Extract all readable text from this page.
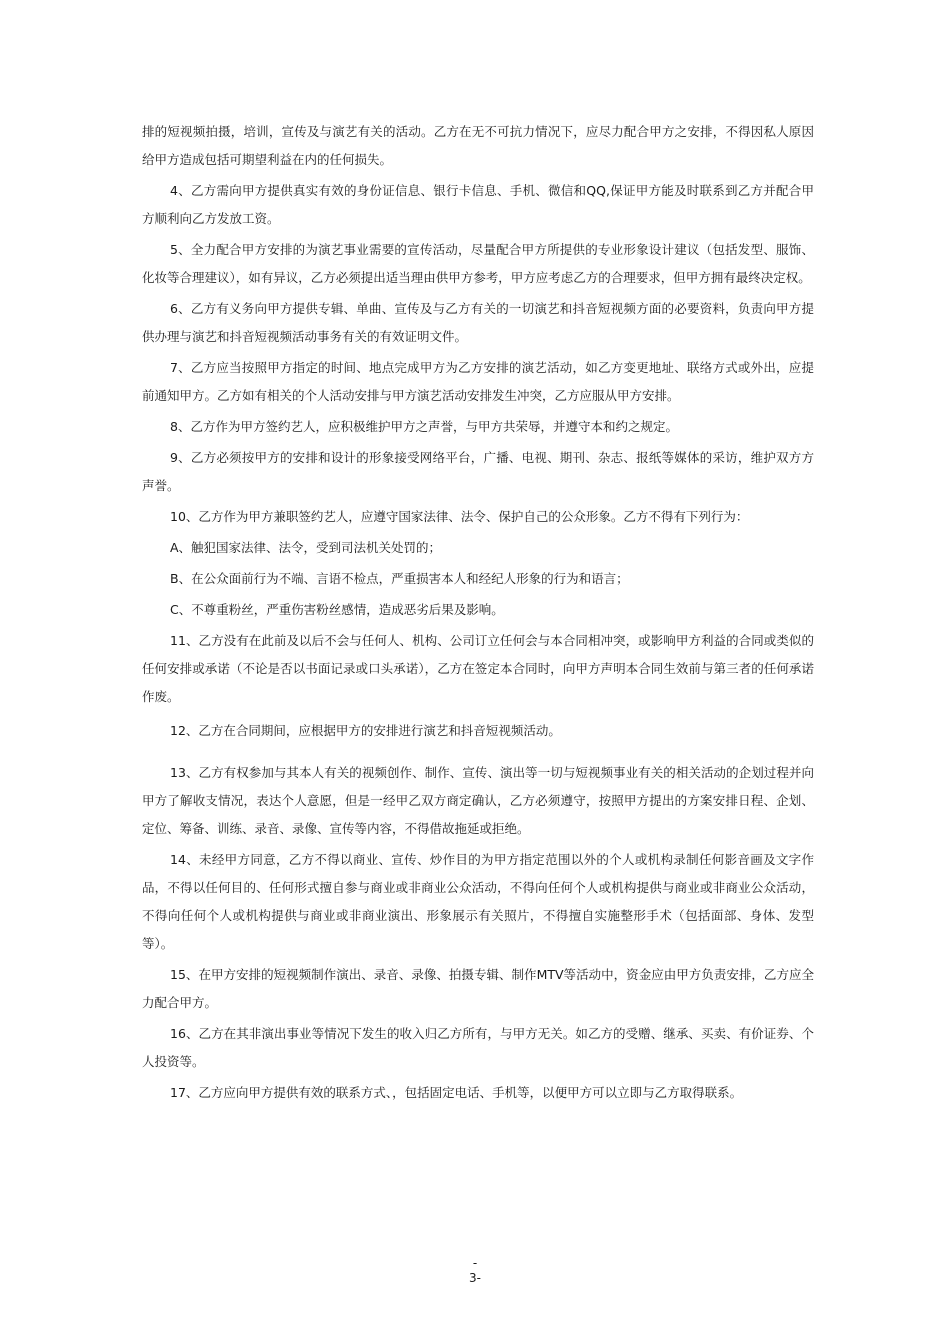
排的短视频拍摄，培训，宣传及与演艺有关的活动。乙方在无不可抗力情况下，应尽力配合甲方之安排，不得因私人原因给甲方造成包括可期望利益在内的任何损失。

4、乙方需向甲方提供真实有效的身份证信息、银行卡信息、手机、微信和QQ,保证甲方能及时联系到乙方并配合甲方顺利向乙方发放工资。

5、全力配合甲方安排的为演艺事业需要的宣传活动，尽量配合甲方所提供的专业形象设计建议（包括发型、服饰、化妆等合理建议），如有异议，乙方必须提出适当理由供甲方参考，甲方应考虑乙方的合理要求，但甲方拥有最终决定权。

6、乙方有义务向甲方提供专辑、单曲、宣传及与乙方有关的一切演艺和抖音短视频方面的必要资料，负责向甲方提供办理与演艺和抖音短视频活动事务有关的有效证明文件。

7、乙方应当按照甲方指定的时间、地点完成甲方为乙方安排的演艺活动，如乙方变更地址、联络方式或外出，应提前通知甲方。乙方如有相关的个人活动安排与甲方演艺活动安排发生冲突，乙方应服从甲方安排。

8、乙方作为甲方签约艺人，应积极维护甲方之声誉，与甲方共荣辱，并遵守本和约之规定。

9、乙方必须按甲方的安排和设计的形象接受网络平台，广播、电视、期刊、杂志、报纸等媒体的采访，维护双方方声誉。

10、乙方作为甲方兼职签约艺人，应遵守国家法律、法令、保护自己的公众形象。乙方不得有下列行为：

A、触犯国家法律、法令，受到司法机关处罚的；

B、在公众面前行为不端、言语不检点，严重损害本人和经纪人形象的行为和语言；

C、不尊重粉丝，严重伤害粉丝感情，造成恶劣后果及影响。

11、乙方没有在此前及以后不会与任何人、机构、公司订立任何会与本合同相冲突，或影响甲方利益的合同或类似的任何安排或承诺（不论是否以书面记录或口头承诺），乙方在签定本合同时，向甲方声明本合同生效前与第三者的任何承诺作废。

12、乙方在合同期间，应根据甲方的安排进行演艺和抖音短视频活动。

13、乙方有权参加与其本人有关的视频创作、制作、宣传、演出等一切与短视频事业有关的相关活动的企划过程并向甲方了解收支情况，表达个人意愿，但是一经甲乙双方商定确认，乙方必须遵守，按照甲方提出的方案安排日程、企划、定位、筹备、训练、录音、录像、宣传等内容，不得借故拖延或拒绝。

14、未经甲方同意，乙方不得以商业、宣传、炒作目的为甲方指定范围以外的个人或机构录制任何影音画及文字作品，不得以任何目的、任何形式擅自参与商业或非商业公众活动，不得向任何个人或机构提供与商业或非商业公众活动，不得向任何个人或机构提供与商业或非商业演出、形象展示有关照片，不得擅自实施整形手术（包括面部、身体、发型等）。

15、在甲方安排的短视频制作演出、录音、录像、拍摄专辑、制作MTV等活动中，资金应由甲方负责安排，乙方应全力配合甲方。

16、乙方在其非演出事业等情况下发生的收入归乙方所有，与甲方无关。如乙方的受赠、继承、买卖、有价证券、个人投资等。

17、乙方应向甲方提供有效的联系方式、，包括固定电话、手机等，以便甲方可以立即与乙方取得联系。

-
3-
